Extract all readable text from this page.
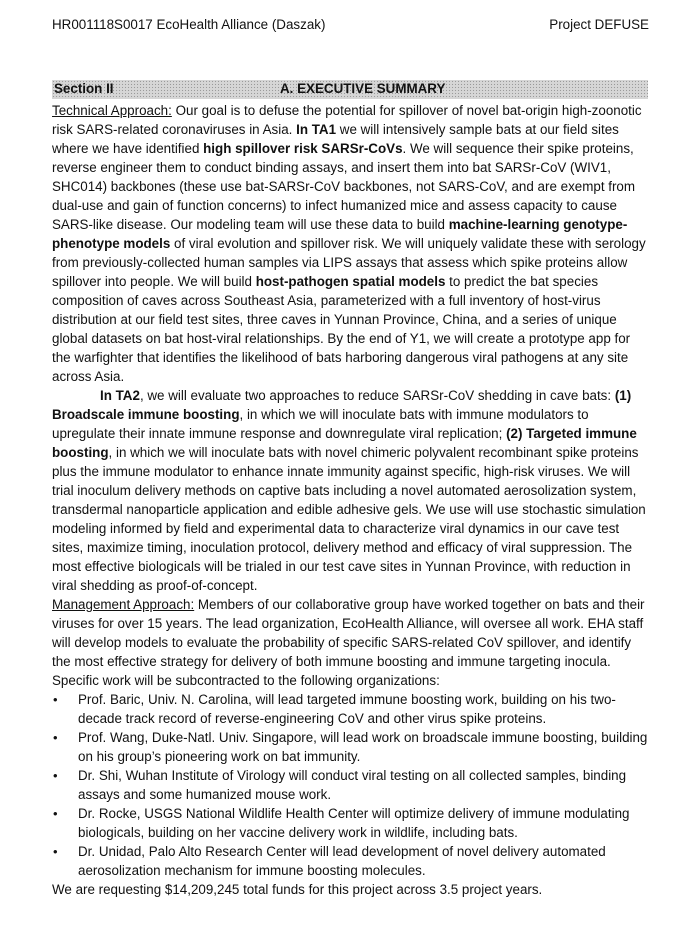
HR001118S0017 EcoHealth Alliance (Daszak)	Project DEFUSE
Section II	A. EXECUTIVE SUMMARY

Technical Approach: Our goal is to defuse the potential for spillover of novel bat-origin high-zoonotic risk SARS-related coronaviruses in Asia. In TA1 we will intensively sample bats at our field sites where we have identified high spillover risk SARSr-CoVs. We will sequence their spike proteins, reverse engineer them to conduct binding assays, and insert them into bat SARSr-CoV (WIV1, SHC014) backbones (these use bat-SARSr-CoV backbones, not SARS-CoV, and are exempt from dual-use and gain of function concerns) to infect humanized mice and assess capacity to cause SARS-like disease. Our modeling team will use these data to build machine-learning genotype-phenotype models of viral evolution and spillover risk. We will uniquely validate these with serology from previously-collected human samples via LIPS assays that assess which spike proteins allow spillover into people. We will build host-pathogen spatial models to predict the bat species composition of caves across Southeast Asia, parameterized with a full inventory of host-virus distribution at our field test sites, three caves in Yunnan Province, China, and a series of unique global datasets on bat host-viral relationships. By the end of Y1, we will create a prototype app for the warfighter that identifies the likelihood of bats harboring dangerous viral pathogens at any site across Asia.

In TA2, we will evaluate two approaches to reduce SARSr-CoV shedding in cave bats: (1) Broadscale immune boosting, in which we will inoculate bats with immune modulators to upregulate their innate immune response and downregulate viral replication; (2) Targeted immune boosting, in which we will inoculate bats with novel chimeric polyvalent recombinant spike proteins plus the immune modulator to enhance innate immunity against specific, high-risk viruses. We will trial inoculum delivery methods on captive bats including a novel automated aerosolization system, transdermal nanoparticle application and edible adhesive gels. We use will use stochastic simulation modeling informed by field and experimental data to characterize viral dynamics in our cave test sites, maximize timing, inoculation protocol, delivery method and efficacy of viral suppression. The most effective biologicals will be trialed in our test cave sites in Yunnan Province, with reduction in viral shedding as proof-of-concept.

Management Approach: Members of our collaborative group have worked together on bats and their viruses for over 15 years. The lead organization, EcoHealth Alliance, will oversee all work. EHA staff will develop models to evaluate the probability of specific SARS-related CoV spillover, and identify the most effective strategy for delivery of both immune boosting and immune targeting inocula. Specific work will be subcontracted to the following organizations:

• Prof. Baric, Univ. N. Carolina, will lead targeted immune boosting work, building on his two-decade track record of reverse-engineering CoV and other virus spike proteins.
• Prof. Wang, Duke-Natl. Univ. Singapore, will lead work on broadscale immune boosting, building on his group’s pioneering work on bat immunity.
• Dr. Shi, Wuhan Institute of Virology will conduct viral testing on all collected samples, binding assays and some humanized mouse work.
• Dr. Rocke, USGS National Wildlife Health Center will optimize delivery of immune modulating biologicals, building on her vaccine delivery work in wildlife, including bats.
• Dr. Unidad, Palo Alto Research Center will lead development of novel delivery automated aerosolization mechanism for immune boosting molecules.

We are requesting $14,209,245 total funds for this project across 3.5 project years.
